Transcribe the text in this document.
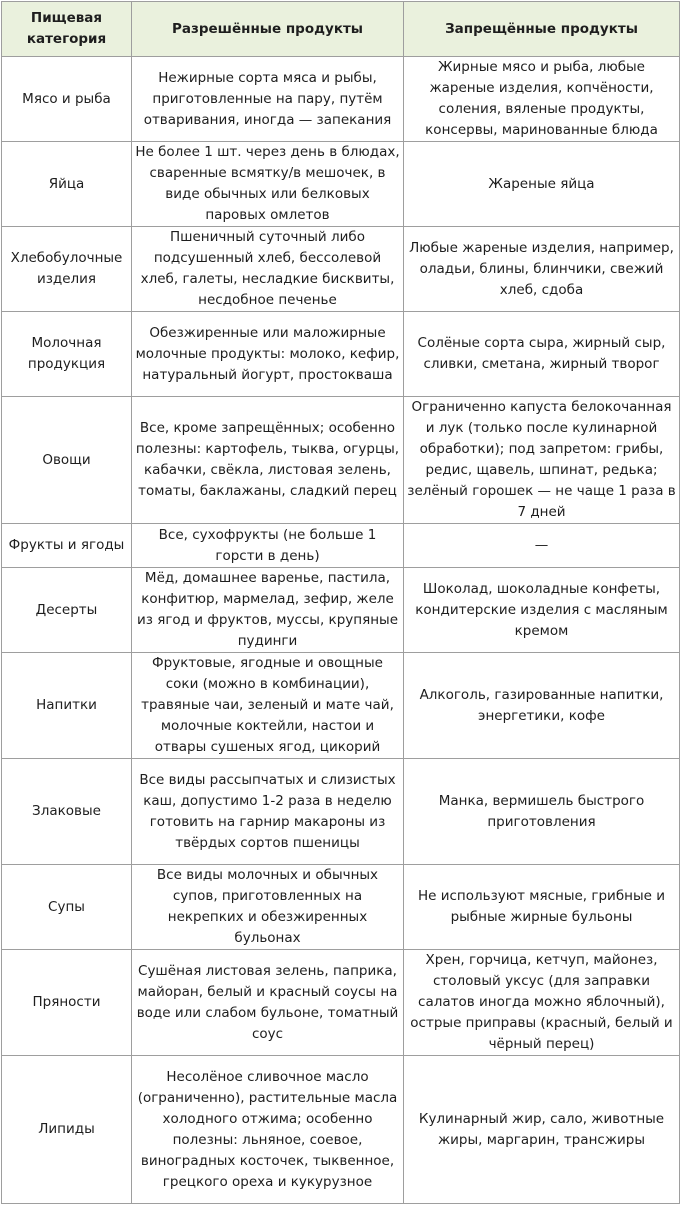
Пищевая категория	Разрешённые продукты	Запрещённые продукты
Мясо и рыба	Нежирные сорта мяса и рыбы, приготовленные на пару, путём отваривания, иногда — запекания	Жирные мясо и рыба, любые жареные изделия, копчёности, соления, вяленые продукты, консервы, маринованные блюда
Яйца	Не более 1 шт. через день в блюдах, сваренные всмятку/в мешочек, в виде обычных или белковых паровых омлетов	Жареные яйца
Хлебобулочные изделия	Пшеничный суточный либо подсушенный хлеб, бессолевой хлеб, галеты, несладкие бисквиты, несдобное печенье	Любые жареные изделия, например, оладьи, блины, блинчики, свежий хлеб, сдоба
Молочная продукция	Обезжиренные или маложирные молочные продукты: молоко, кефир, натуральный йогурт, простокваша	Солёные сорта сыра, жирный сыр, сливки, сметана, жирный творог
Овощи	Все, кроме запрещённых; особенно полезны: картофель, тыква, огурцы, кабачки, свёкла, листовая зелень, томаты, баклажаны, сладкий перец	Ограниченно капуста белокочанная и лук (только после кулинарной обработки); под запретом: грибы, редис, щавель, шпинат, редька; зелёный горошек — не чаще 1 раза в 7 дней
Фрукты и ягоды	Все, сухофрукты (не больше 1 горсти в день)	—
Десерты	Мёд, домашнее варенье, пастила, конфитюр, мармелад, зефир, желе из ягод и фруктов, муссы, крупяные пудинги	Шоколад, шоколадные конфеты, кондитерские изделия с масляным кремом
Напитки	Фруктовые, ягодные и овощные соки (можно в комбинации), травяные чаи, зеленый и мате чай, молочные коктейли, настои и отвары сушеных ягод, цикорий	Алкоголь, газированные напитки, энергетики, кофе
Злаковые	Все виды рассыпчатых и слизистых каш, допустимо 1-2 раза в неделю готовить на гарнир макароны из твёрдых сортов пшеницы	Манка, вермишель быстрого приготовления
Супы	Все виды молочных и обычных супов, приготовленных на некрепких и обезжиренных бульонах	Не используют мясные, грибные и рыбные жирные бульоны
Пряности	Сушёная листовая зелень, паприка, майоран, белый и красный соусы на воде или слабом бульоне, томатный соус	Хрен, горчица, кетчуп, майонез, столовый уксус (для заправки салатов иногда можно яблочный), острые приправы (красный, белый и чёрный перец)
Липиды	Несолёное сливочное масло (ограниченно), растительные масла холодного отжима; особенно полезны: льняное, соевое, виноградных косточек, тыквенное, грецкого ореха и кукурузное	Кулинарный жир, сало, животные жиры, маргарин, трансжиры
